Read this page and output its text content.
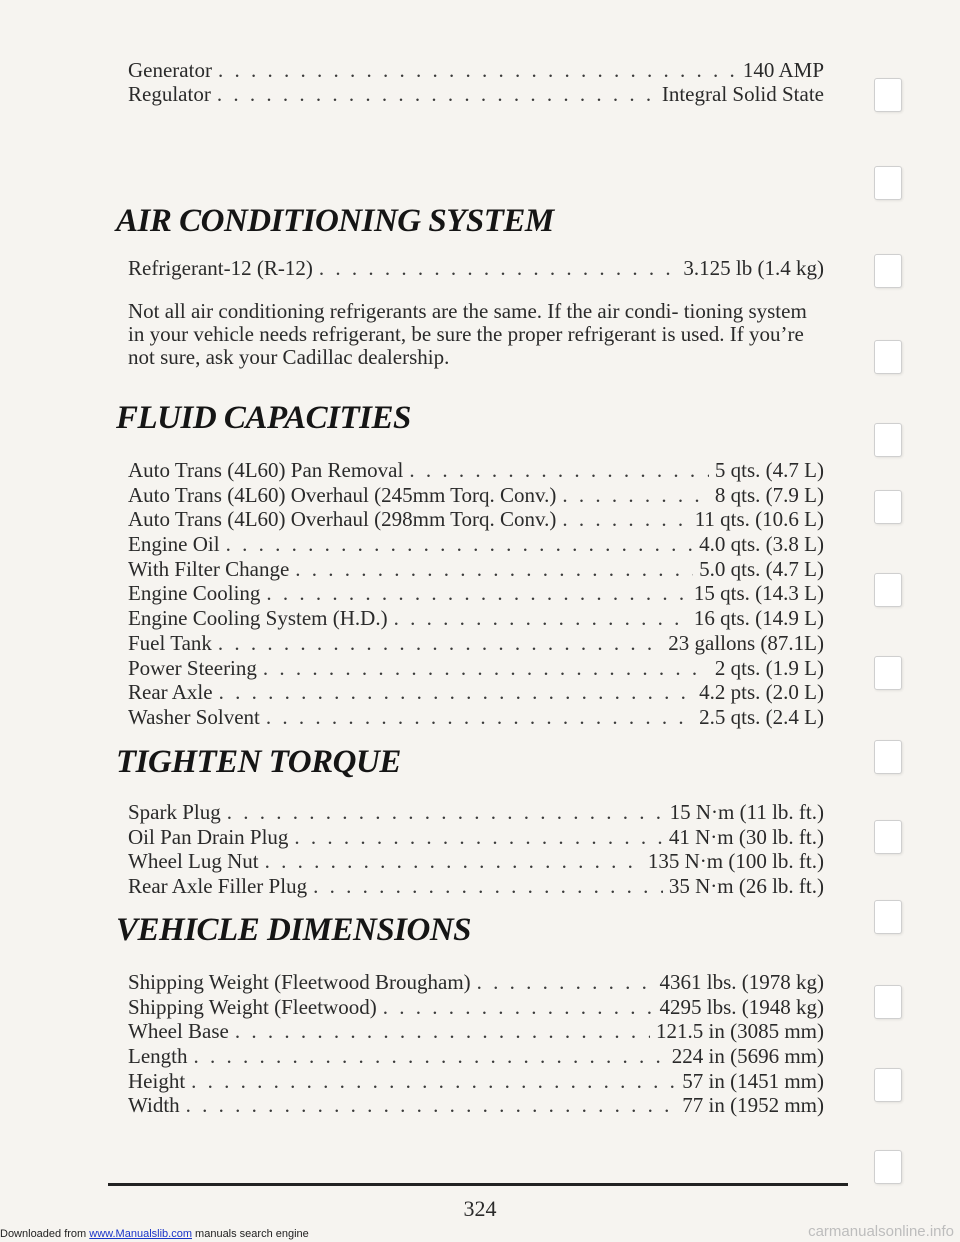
Generator . . .	140 AMP
Regulator . . .	Integral Solid State
AIR CONDITIONING SYSTEM
Refrigerant-12 (R-12) . . .	3.125 lb (1.4 kg)
Not all air conditioning refrigerants are the same. If the air condi- tioning system in your vehicle needs refrigerant, be sure the proper refrigerant is used. If you’re not sure, ask your Cadillac dealership.
FLUID CAPACITIES
Auto Trans (4L60) Pan Removal . . .	5 qts. (4.7 L)
Auto Trans (4L60) Overhaul (245mm Torq. Conv.) . . .	8 qts. (7.9 L)
Auto Trans (4L60) Overhaul (298mm Torq. Conv.) . . .	11 qts. (10.6 L)
Engine Oil . . .	4.0 qts. (3.8 L)
With Filter Change . . .	5.0 qts. (4.7 L)
Engine Cooling . . .	15 qts. (14.3 L)
Engine Cooling System (H.D.) . . .	16 qts. (14.9 L)
Fuel Tank . . .	23 gallons (87.1L)
Power Steering . . .	2 qts. (1.9 L)
Rear Axle . . .	4.2 pts. (2.0 L)
Washer Solvent . . .	2.5 qts. (2.4 L)
TIGHTEN TORQUE
Spark Plug . . .	15 N·m (11 lb. ft.)
Oil Pan Drain Plug . . .	41 N·m (30 lb. ft.)
Wheel Lug Nut . . .	135 N·m (100 lb. ft.)
Rear Axle Filler Plug . . .	35 N·m (26 lb. ft.)
VEHICLE DIMENSIONS
Shipping Weight (Fleetwood Brougham) . . .	4361 lbs. (1978 kg)
Shipping Weight (Fleetwood) . . .	4295 lbs. (1948 kg)
Wheel Base . . .	121.5 in (3085 mm)
Length . . .	224 in (5696 mm)
Height . . .	57 in (1451 mm)
Width . . .	77 in (1952 mm)
324
Downloaded from www.Manualslib.com manuals search engine	carmanualsonline.info
